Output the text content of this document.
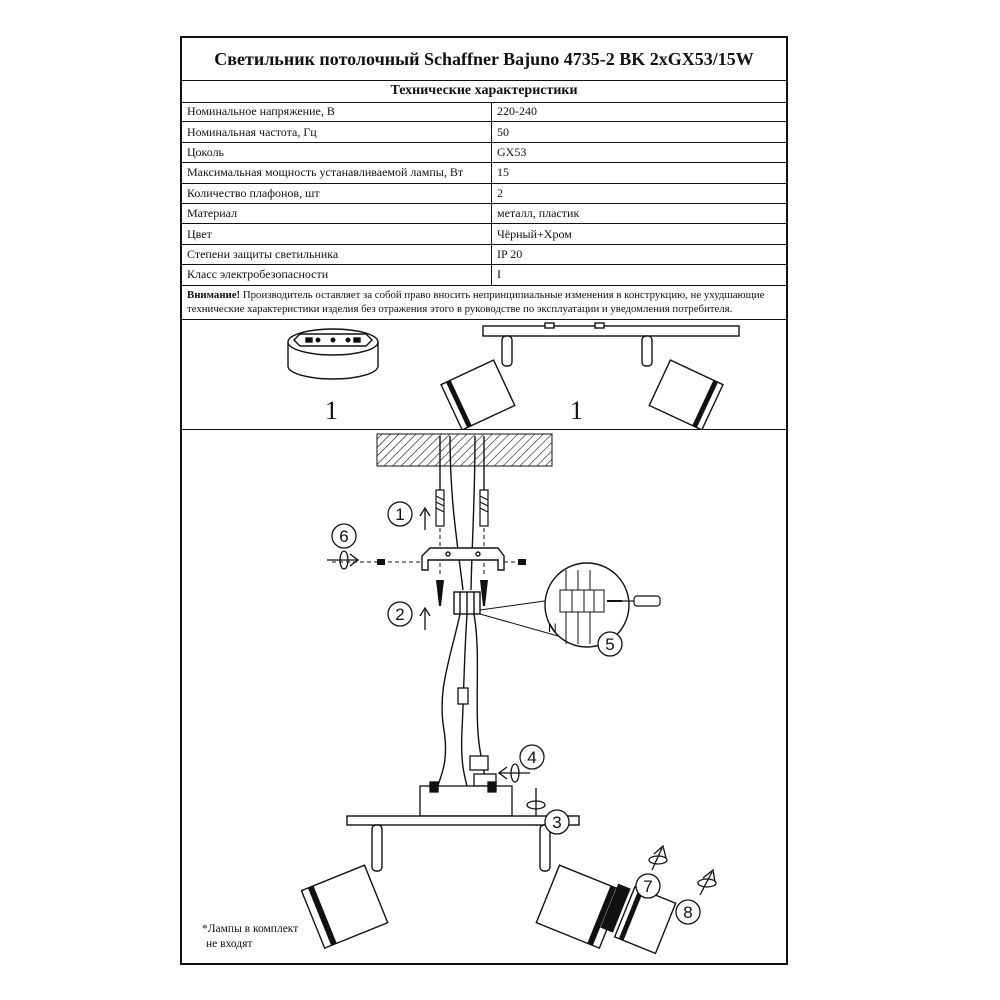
Светильник потолочный Schaffner Bajuno 4735-2 BK 2xGX53/15W
Технические характеристики
Номинальное напряжение, В	220-240
Номинальная частота, Гц	50
Цоколь	GX53
Максимальная мощность устанавливаемой лампы, Вт	15
Количество плафонов, шт	2
Материал	металл, пластик
Цвет	Чёрный+Хром
Степени защиты светильника	IP 20
Класс электробезопасности	I
Внимание! Производитель оставляет за собой право вносить непринципиальные изменения в конструкцию, не ухудшающие технические характеристики изделия без отражения этого в руководстве по эксплуатации и уведомления потребителя.
1	1
N
1
2
3
4
5
6
7
8
*Лампы в комплект
не входят
